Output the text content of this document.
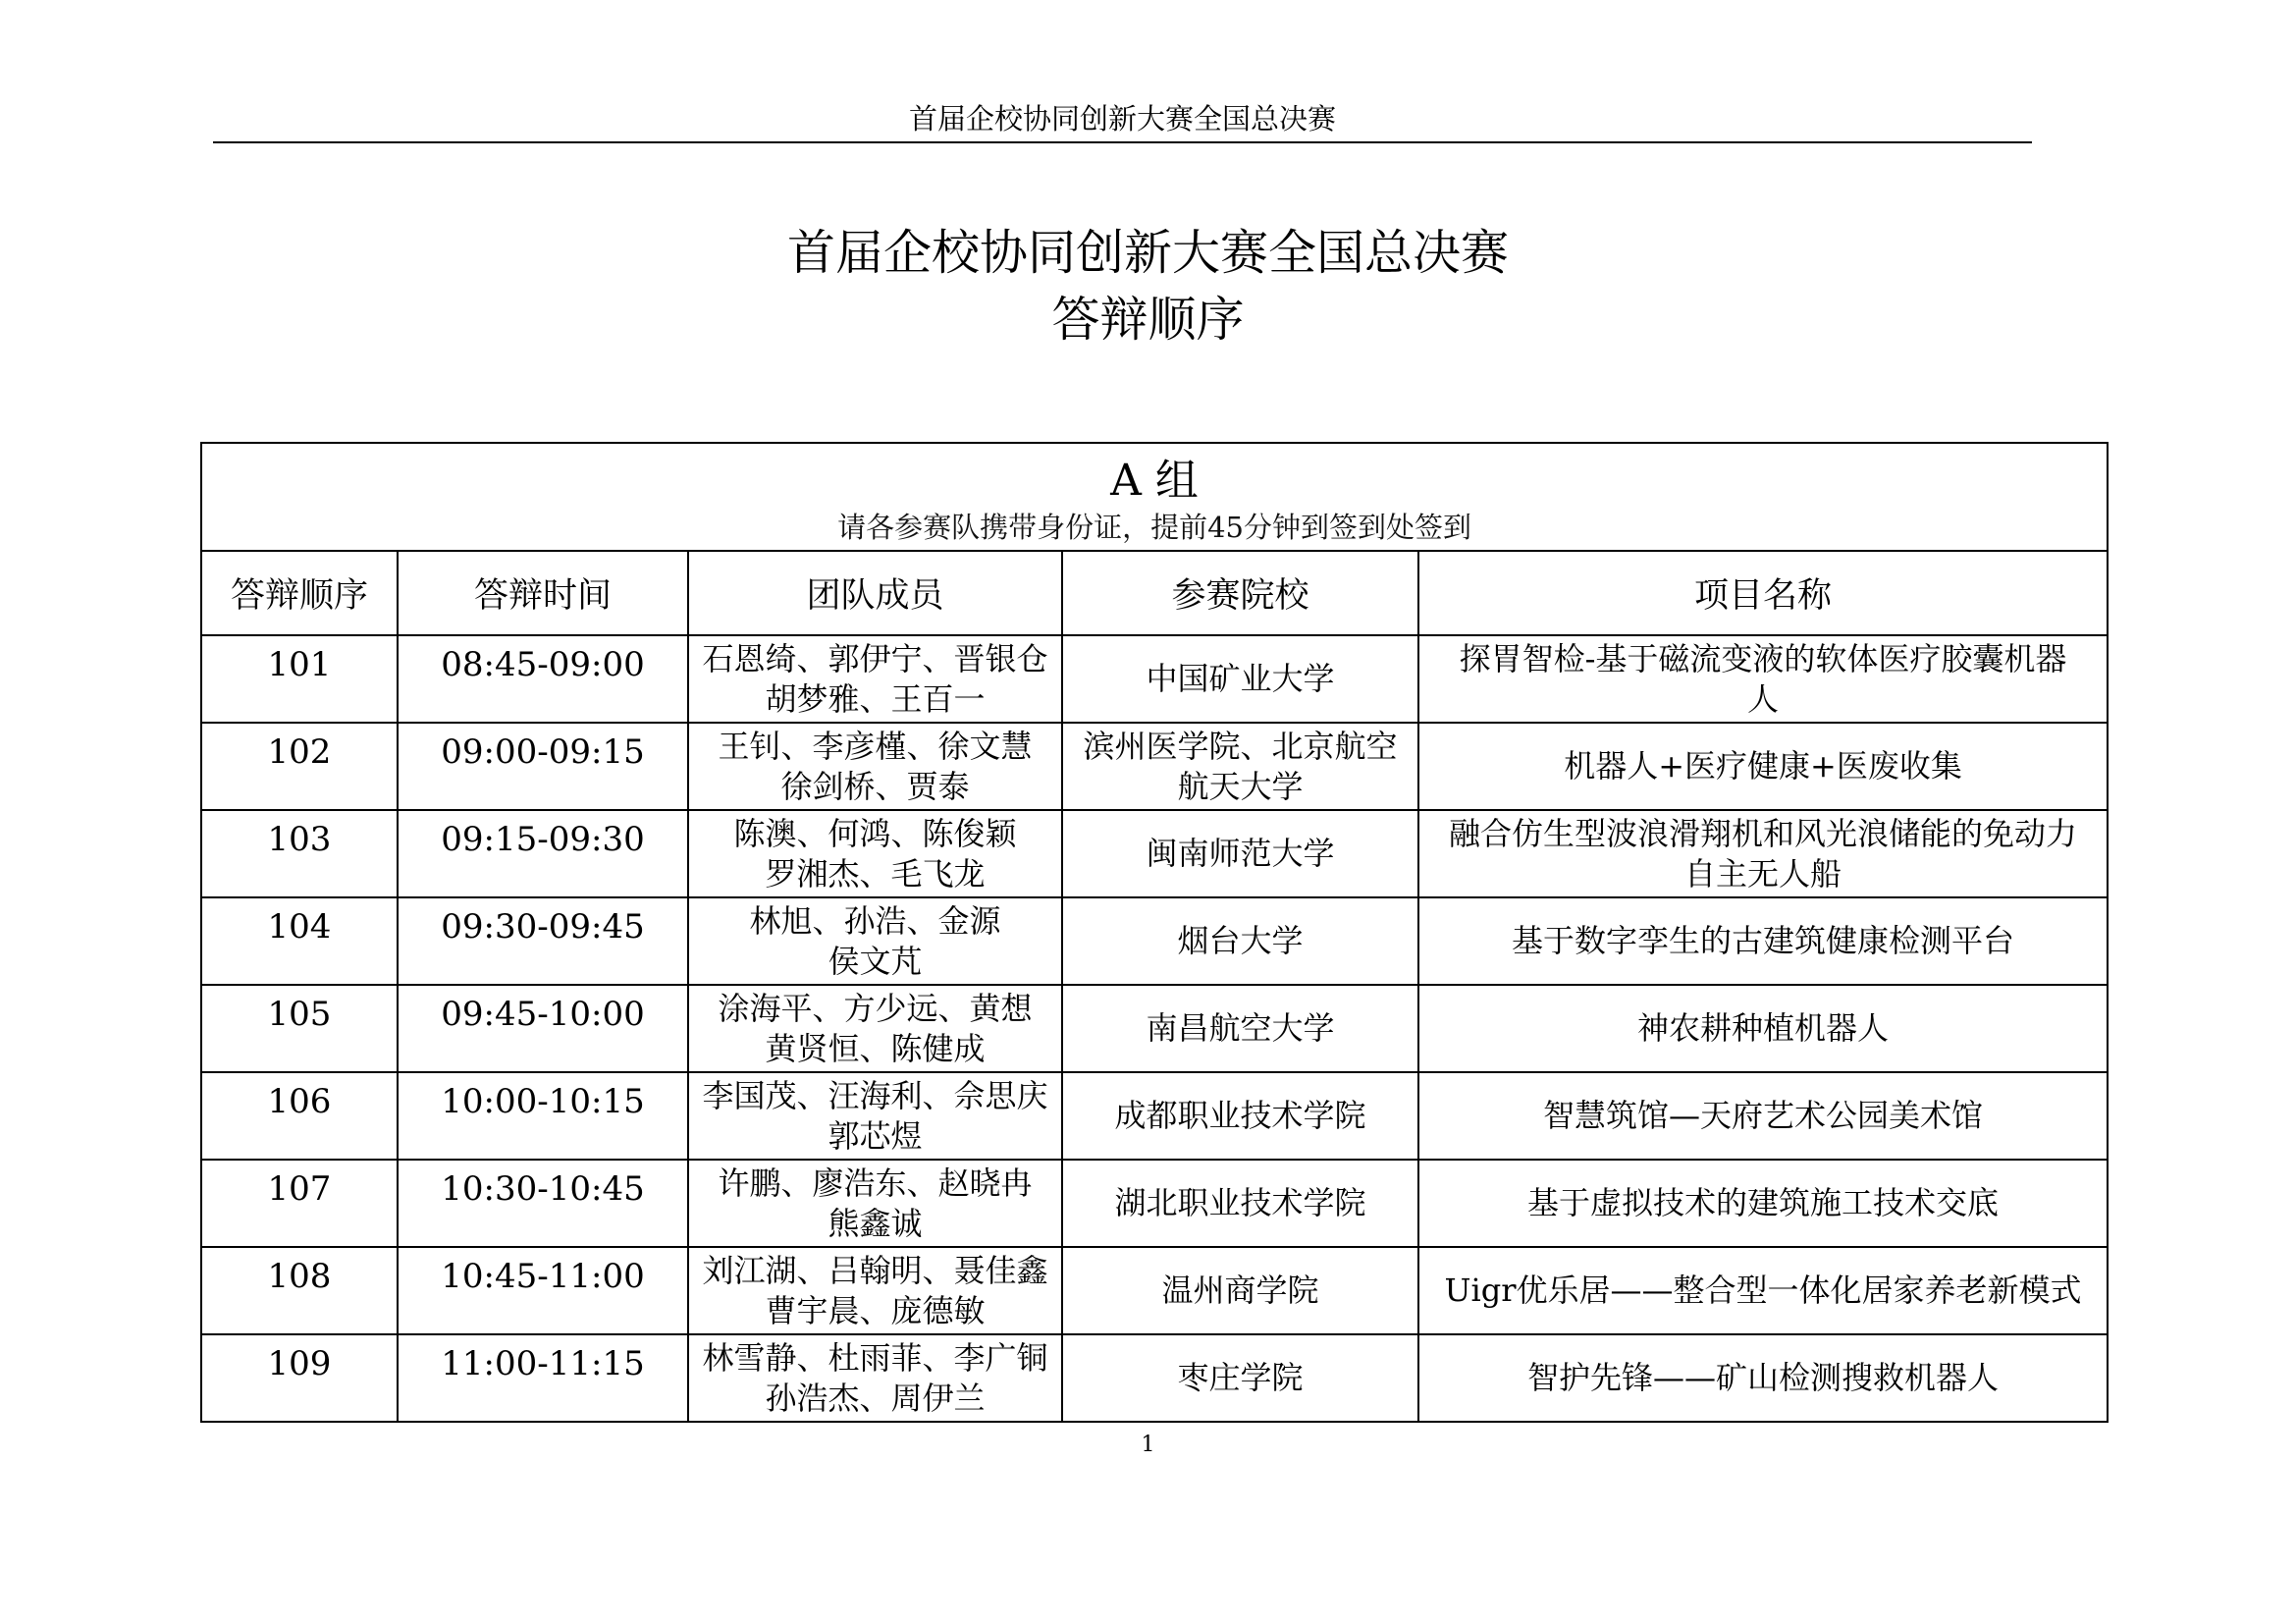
首届企校协同创新大赛全国总决赛
首届企校协同创新大赛全国总决赛
答辩顺序
A 组
请各参赛队携带身份证，提前45分钟到签到处签到				

答辩顺序	答辩时间	团队成员	参赛院校	项目名称
101	08:45-09:00	石恩绮、郭伊宁、晋银仓
胡梦雅、王百一	中国矿业大学	探胃智检-基于磁流变液的软体医疗胶囊机器
人

102	09:00-09:15	王钊、李彦槿、徐文慧
徐剑桥、贾泰	滨州医学院、北京航空
航天大学	机器人+医疗健康+医废收集

103	09:15-09:30	陈澳、何鸿、陈俊颖
罗湘杰、毛飞龙	闽南师范大学	融合仿生型波浪滑翔机和风光浪储能的免动力
自主无人船

104	09:30-09:45	林旭、孙浩、金源
侯文芃	烟台大学	基于数字孪生的古建筑健康检测平台

105	09:45-10:00	涂海平、方少远、黄想
黄贤恒、陈健成	南昌航空大学	神农耕种植机器人

106	10:00-10:15	李国茂、汪海利、佘思庆
郭芯煜	成都职业技术学院	智慧筑馆—天府艺术公园美术馆

107	10:30-10:45	许鹏、廖浩东、赵晓冉
熊鑫诚	湖北职业技术学院	基于虚拟技术的建筑施工技术交底

108	10:45-11:00	刘江湖、吕翰明、聂佳鑫
曹宇晨、庞德敏	温州商学院	Uigr优乐居——整合型一体化居家养老新模式

109	11:00-11:15	林雪静、杜雨菲、李广铜
孙浩杰、周伊兰	枣庄学院	智护先锋——矿山检测搜救机器人
1
